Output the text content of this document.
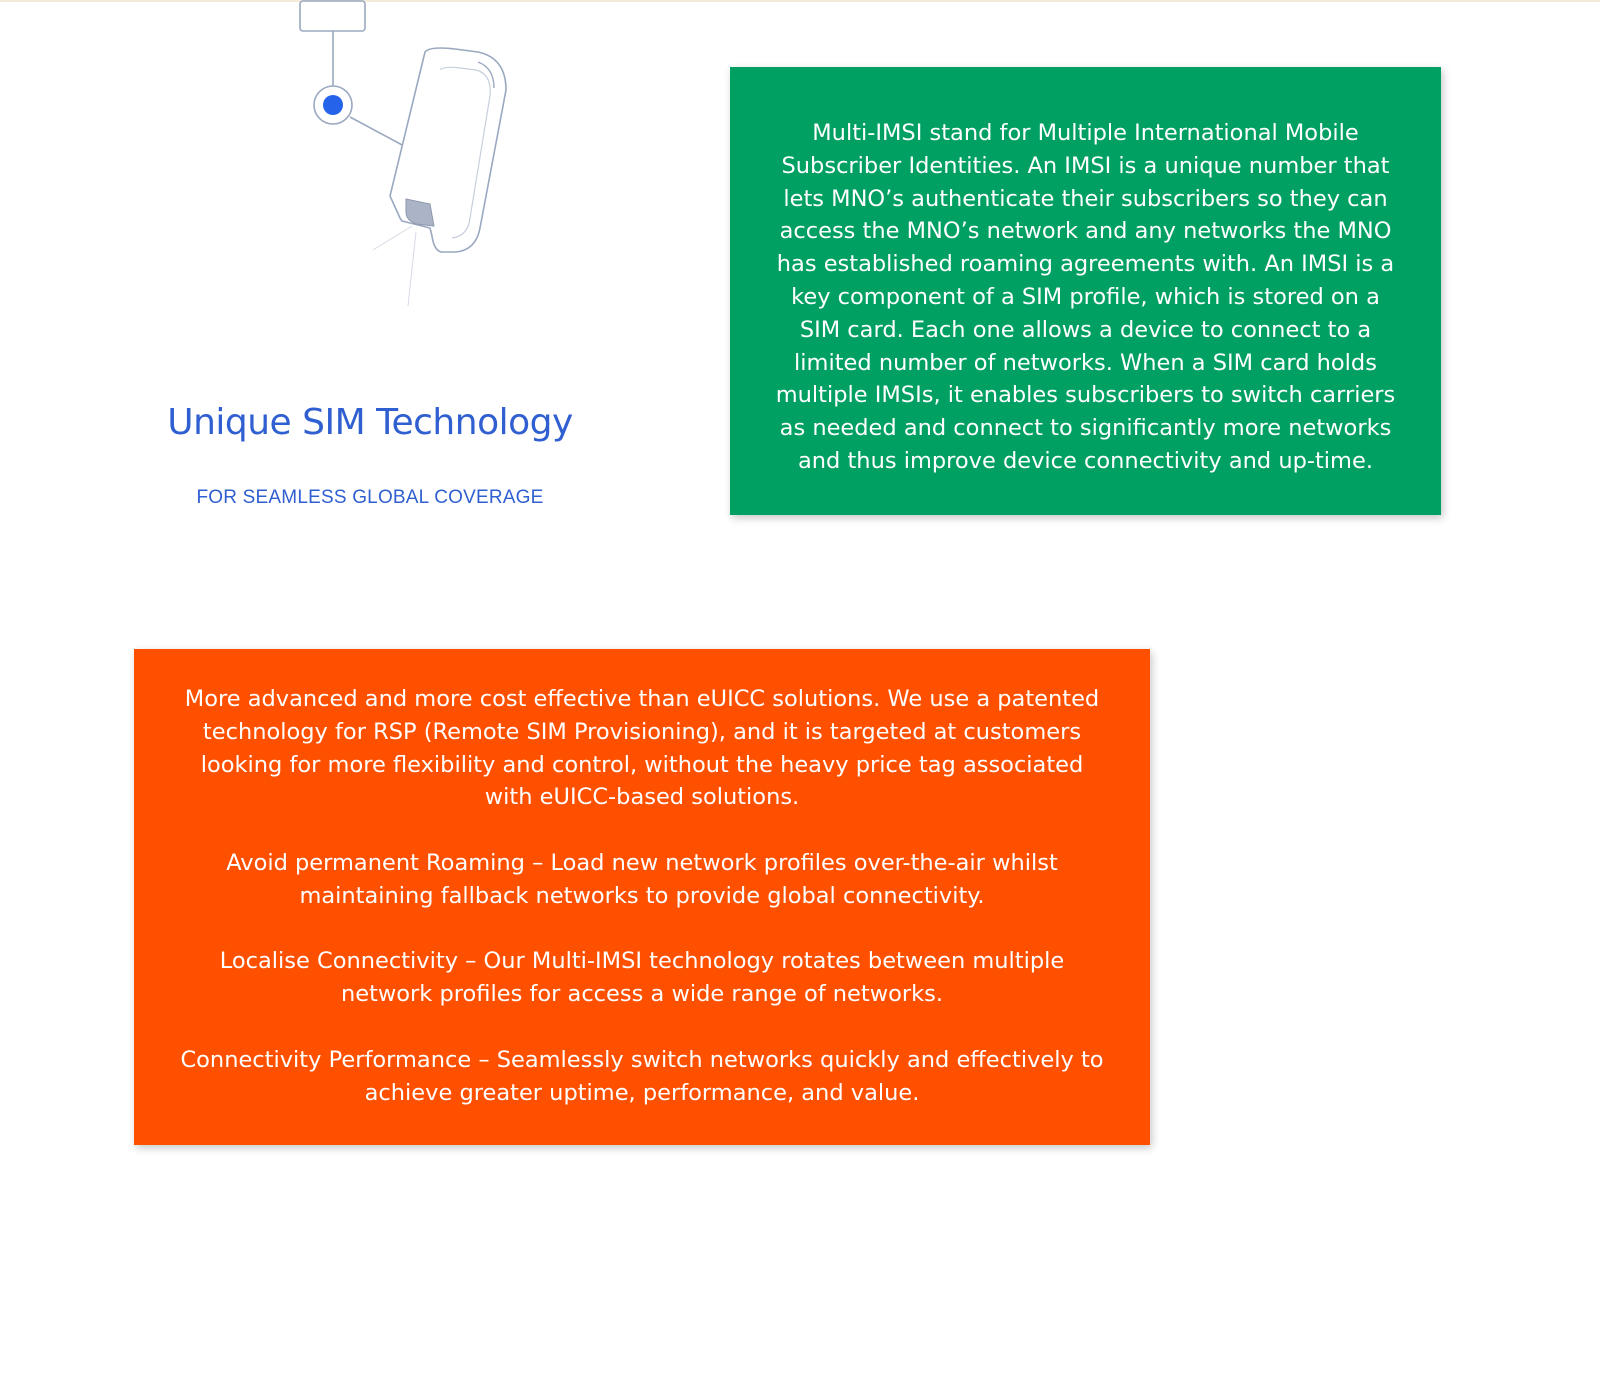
Unique SIM Technology

FOR SEAMLESS GLOBAL COVERAGE

Multi-IMSI stand for Multiple International Mobile Subscriber Identities. An IMSI is a unique number that lets MNO’s authenticate their subscribers so they can access the MNO’s network and any networks the MNO has established roaming agreements with. An IMSI is a key component of a SIM profile, which is stored on a SIM card. Each one allows a device to connect to a limited number of networks. When a SIM card holds multiple IMSIs, it enables subscribers to switch carriers as needed and connect to significantly more networks and thus improve device connectivity and up-time.

More advanced and more cost effective than eUICC solutions. We use a patented technology for RSP (Remote SIM Provisioning), and it is targeted at customers looking for more flexibility and control, without the heavy price tag associated with eUICC-based solutions.

Avoid permanent Roaming – Load new network profiles over-the-air whilst maintaining fallback networks to provide global connectivity.

Localise Connectivity – Our Multi-IMSI technology rotates between multiple network profiles for access a wide range of networks.

Connectivity Performance – Seamlessly switch networks quickly and effectively to achieve greater uptime, performance, and value.
